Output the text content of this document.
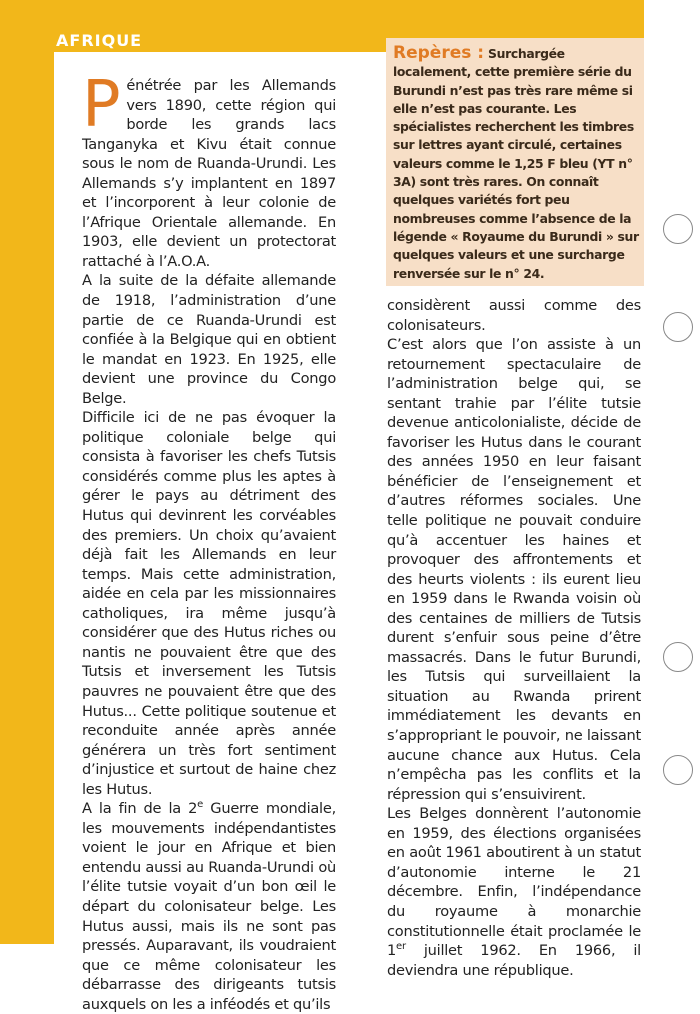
AFRIQUE
Repères : Surchargée localement, cette première série du Burundi n’est pas très rare même si elle n’est pas courante. Les spécialistes recherchent les timbres sur lettres ayant circulé, certaines valeurs comme le 1,25 F bleu (YT n° 3A) sont très rares. On connaît quelques variétés fort peu nombreuses comme l’absence de la légende « Royaume du Burundi » sur quelques valeurs et une surcharge renversée sur le n° 24.

Pénétrée par les Allemands vers 1890, cette région qui borde les grands lacs Tanganyka et Kivu était connue sous le nom de Ruanda-Urundi. Les Allemands s’y implantent en 1897 et l’incorporent à leur colonie de l’Afrique Orientale allemande. En 1903, elle devient un protectorat rattaché à l’A.O.A.

A la suite de la défaite allemande de 1918, l’administration d’une partie de ce Ruanda-Urundi est confiée à la Belgique qui en obtient le mandat en 1923. En 1925, elle devient une province du Congo Belge.

Difficile ici de ne pas évoquer la politique coloniale belge qui consista à favoriser les chefs Tutsis considérés comme plus les aptes à gérer le pays au détriment des Hutus qui devinrent les corvéables des premiers. Un choix qu’avaient déjà fait les Allemands en leur temps. Mais cette administration, aidée en cela par les missionnaires catholiques, ira même jusqu’à considérer que des Hutus riches ou nantis ne pouvaient être que des Tutsis et inversement les Tutsis pauvres ne pouvaient être que des Hutus... Cette politique soutenue et reconduite année après année générera un très fort sentiment d’injustice et surtout de haine chez les Hutus.

A la fin de la 2e Guerre mondiale, les mouvements indépendantistes voient le jour en Afrique et bien entendu aussi au Ruanda-Urundi où l’élite tutsie voyait d’un bon œil le départ du colonisateur belge. Les Hutus aussi, mais ils ne sont pas pressés. Auparavant, ils voudraient que ce même colonisateur les débarrasse des dirigeants tutsis auxquels on les a inféodés et qu’ils

considèrent aussi comme des colonisateurs.

C’est alors que l’on assiste à un retournement spectaculaire de l’administration belge qui, se sentant trahie par l’élite tutsie devenue anticolonialiste, décide de favoriser les Hutus dans le courant des années 1950 en leur faisant bénéficier de l’enseignement et d’autres réformes sociales. Une telle politique ne pouvait conduire qu’à accentuer les haines et provoquer des affrontements et des heurts violents : ils eurent lieu en 1959 dans le Rwanda voisin où des centaines de milliers de Tutsis durent s’enfuir sous peine d’être massacrés. Dans le futur Burundi, les Tutsis qui surveillaient la situation au Rwanda prirent immédiatement les devants en s’appropriant le pouvoir, ne laissant aucune chance aux Hutus. Cela n’empêcha pas les conflits et la répression qui s’ensuivirent.

Les Belges donnèrent l’autonomie en 1959, des élections organisées en août 1961 aboutirent à un statut d’autonomie interne le 21 décembre. Enfin, l’indépendance du royaume à monarchie constitutionnelle était proclamée le 1er juillet 1962. En 1966, il deviendra une république.
